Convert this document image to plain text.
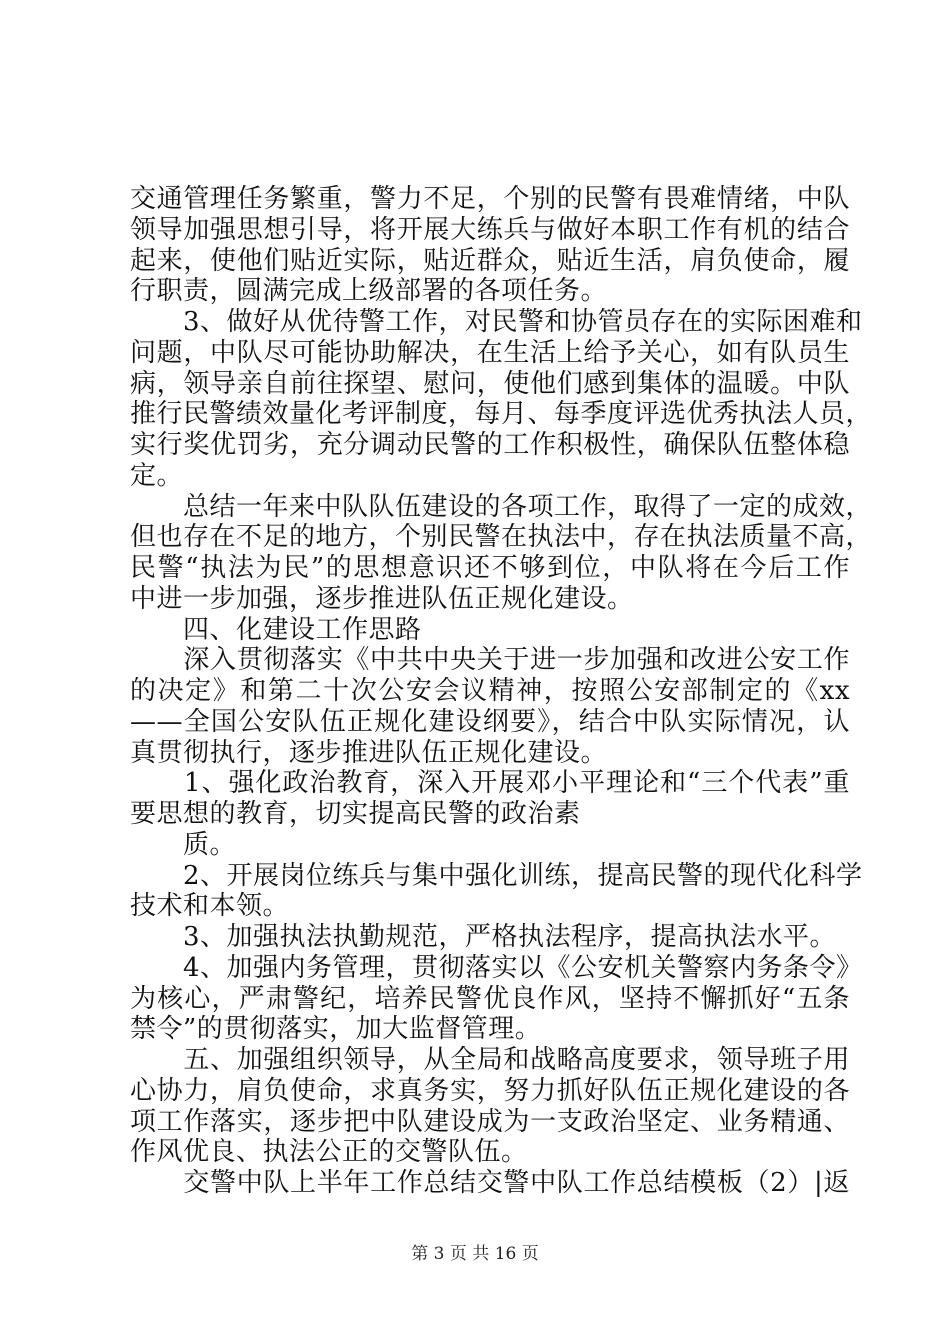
交通管理任务繁重，警力不足，个别的民警有畏难情绪，中队
领导加强思想引导，将开展大练兵与做好本职工作有机的结合
起来，使他们贴近实际，贴近群众，贴近生活，肩负使命，履
行职责，圆满完成上级部署的各项任务。
　　3、做好从优待警工作，对民警和协管员存在的实际困难和
问题，中队尽可能协助解决，在生活上给予关心，如有队员生
病，领导亲自前往探望、慰问，使他们感到集体的温暖。中队
推行民警绩效量化考评制度，每月、每季度评选优秀执法人员，
实行奖优罚劣，充分调动民警的工作积极性，确保队伍整体稳
定。
　　总结一年来中队队伍建设的各项工作，取得了一定的成效，
但也存在不足的地方，个别民警在执法中，存在执法质量不高，
民警“执法为民”的思想意识还不够到位，中队将在今后工作
中进一步加强，逐步推进队伍正规化建设。
　　四、化建设工作思路
　　深入贯彻落实《中共中央关于进一步加强和改进公安工作
的决定》和第二十次公安会议精神，按照公安部制定的《xx
——全国公安队伍正规化建设纲要》，结合中队实际情况，认
真贯彻执行，逐步推进队伍正规化建设。
　　1、强化政治教育，深入开展邓小平理论和“三个代表”重
要思想的教育，切实提高民警的政治素
　　质。
　　2、开展岗位练兵与集中强化训练，提高民警的现代化科学
技术和本领。
　　3、加强执法执勤规范，严格执法程序，提高执法水平。
　　4、加强内务管理，贯彻落实以《公安机关警察内务条令》
为核心，严肃警纪，培养民警优良作风，坚持不懈抓好“五条
禁令”的贯彻落实，加大监督管理。
　　五、加强组织领导，从全局和战略高度要求，领导班子用
心协力，肩负使命，求真务实，努力抓好队伍正规化建设的各
项工作落实，逐步把中队建设成为一支政治坚定、业务精通、
作风优良、执法公正的交警队伍。
　　交警中队上半年工作总结交警中队工作总结模板（2）|返
第 3 页 共 16 页
